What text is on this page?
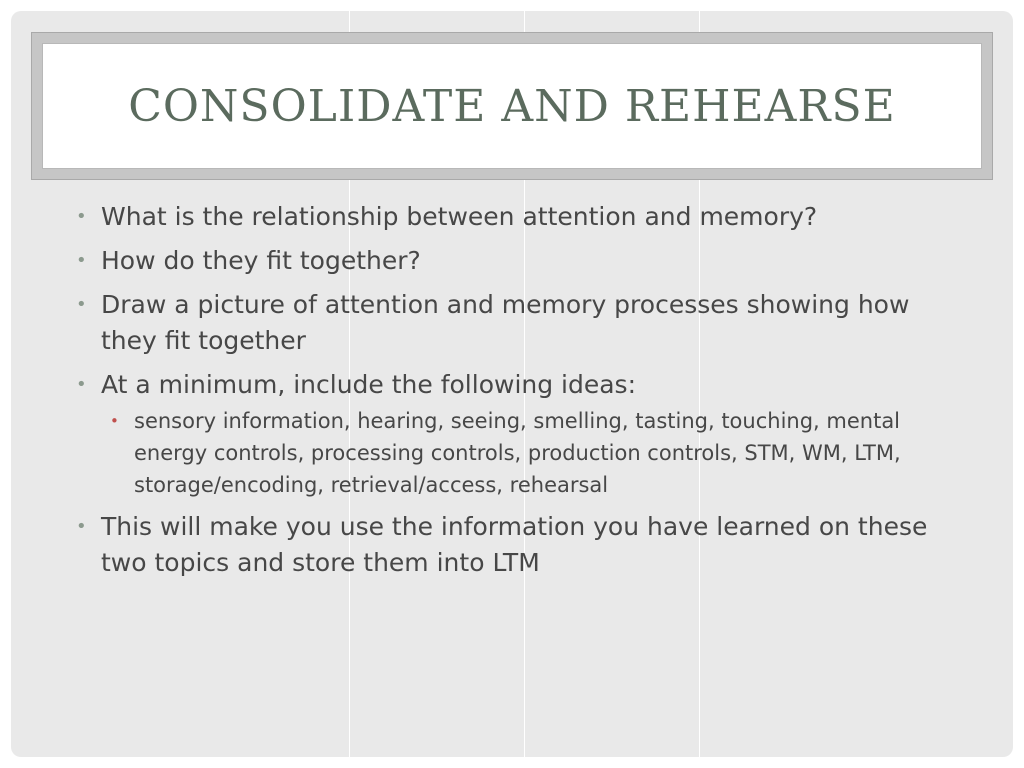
CONSOLIDATE AND REHEARSE
• What is the relationship between attention and memory?
• How do they fit together?
• Draw a picture of attention and memory processes showing how they fit together
• At a minimum, include the following ideas:
• sensory information, hearing, seeing, smelling, tasting, touching, mental energy controls, processing controls, production controls, STM, WM, LTM, storage/encoding, retrieval/access, rehearsal
• This will make you use the information you have learned on these two topics and store them into LTM
